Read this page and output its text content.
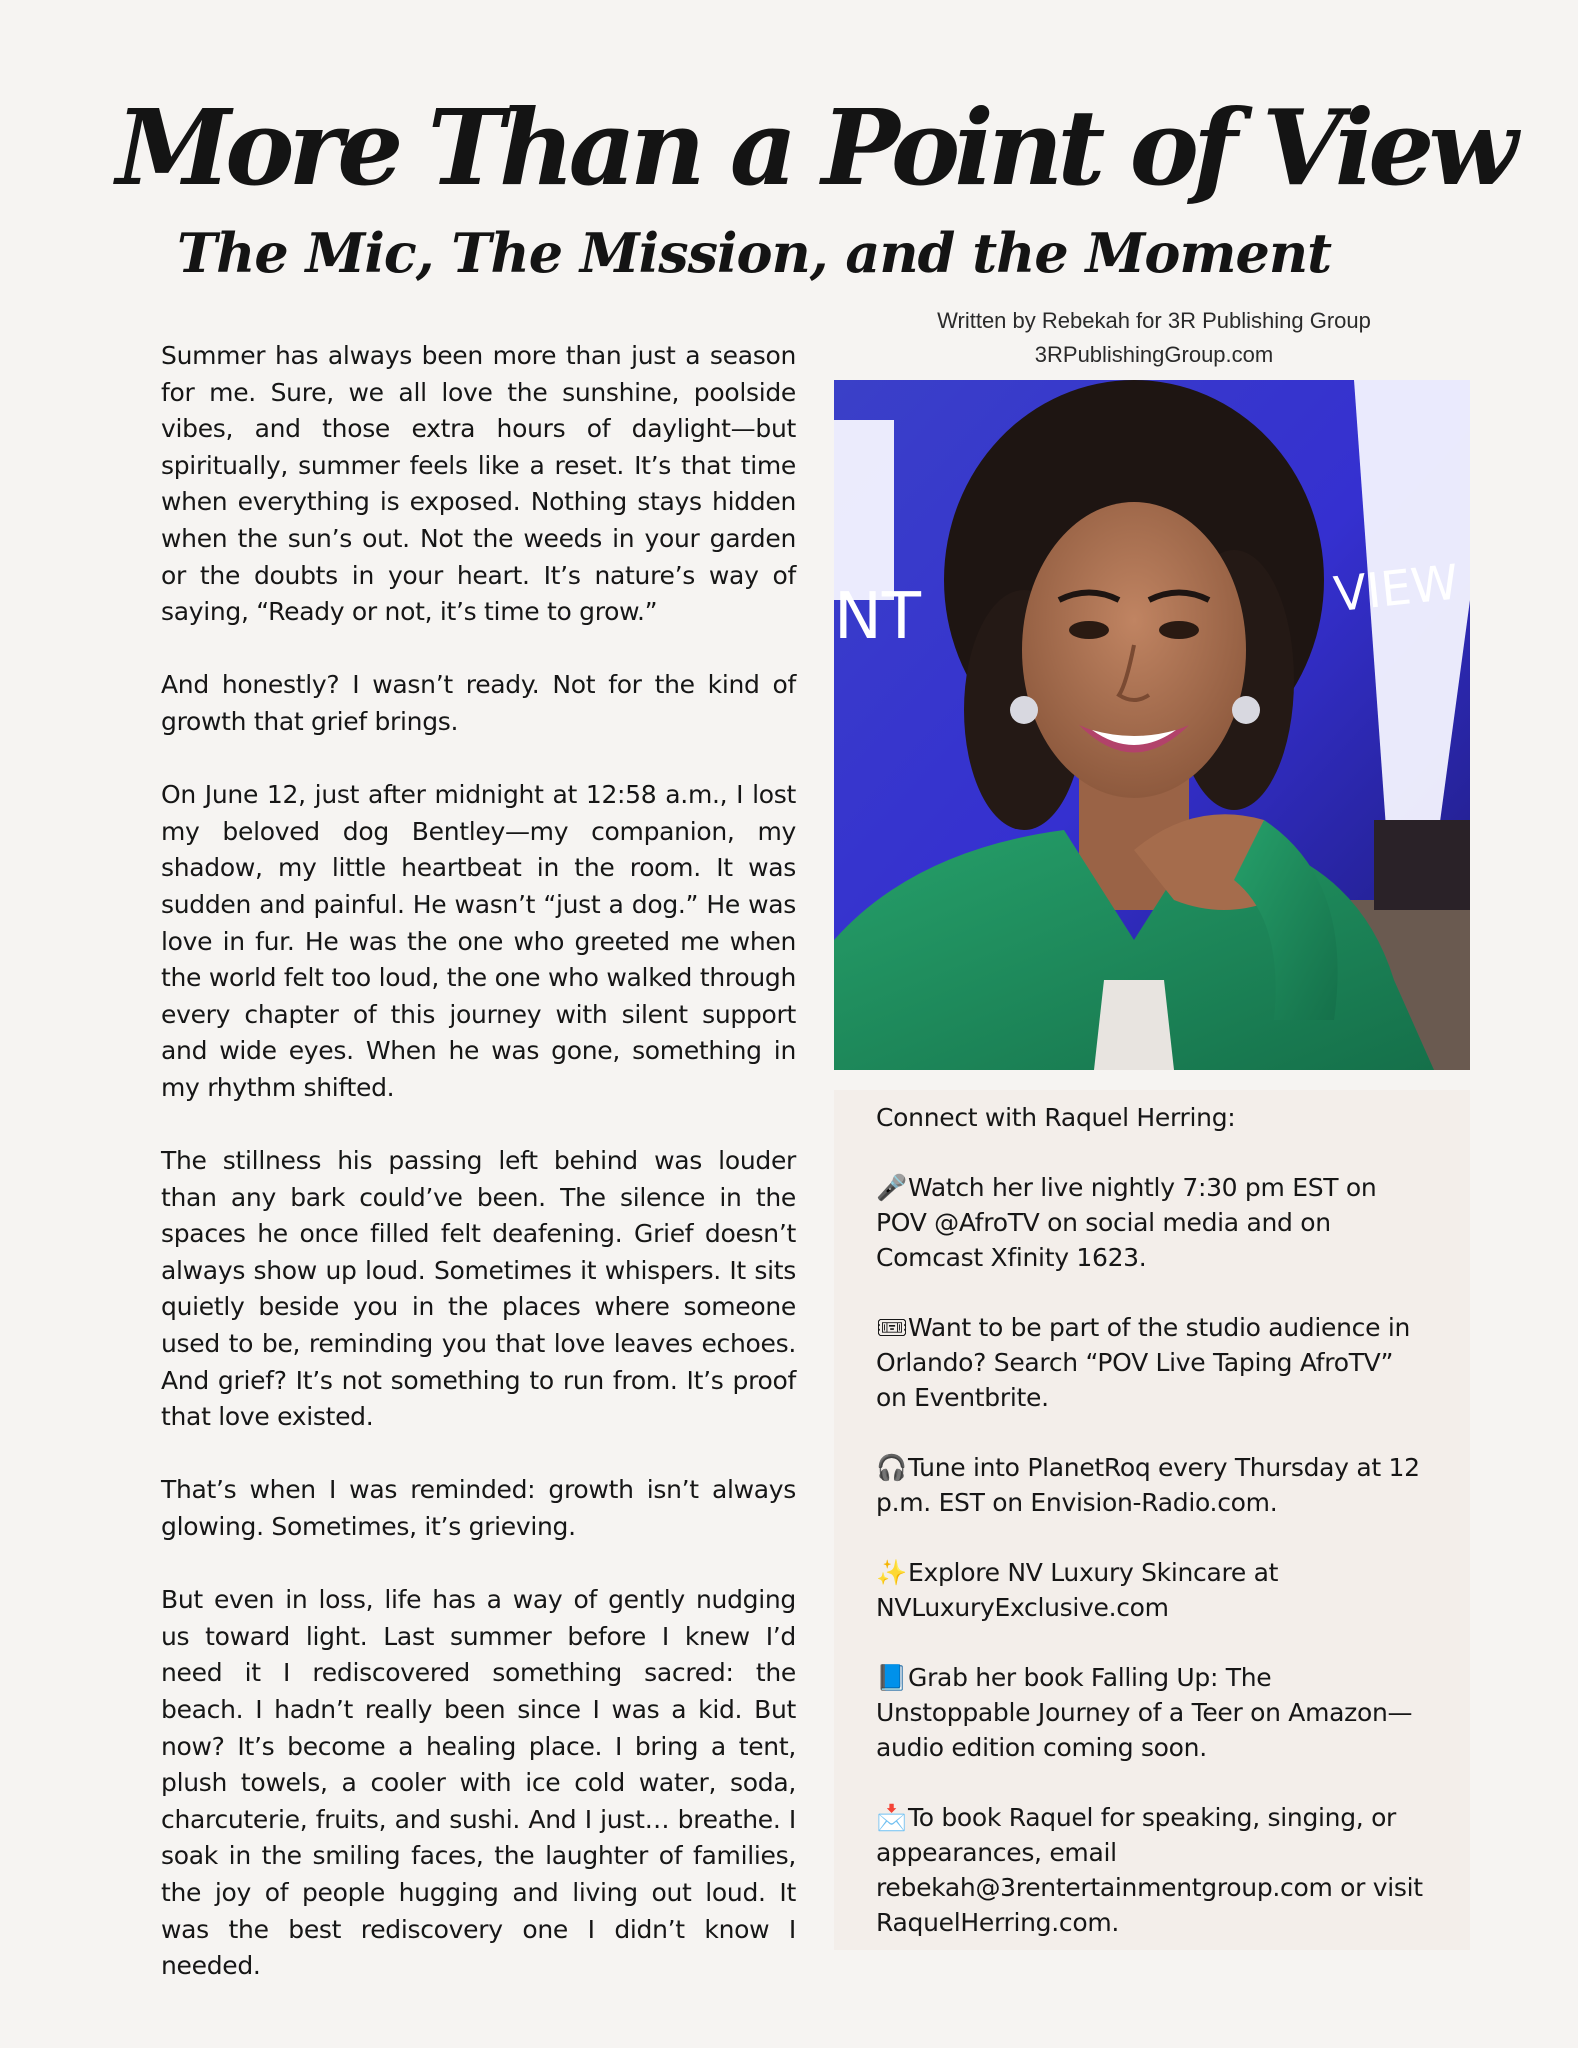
More Than a Point of View
The Mic, The Mission, and the Moment
Written by Rebekah for 3R Publishing Group
3RPublishingGroup.com

Summer has always been more than just a season for me. Sure, we all love the sunshine, poolside vibes, and those extra hours of daylight—but spiritually, summer feels like a reset. It’s that time when everything is exposed. Nothing stays hidden when the sun’s out. Not the weeds in your garden or the doubts in your heart. It’s nature’s way of saying, “Ready or not, it’s time to grow.”

And honestly? I wasn’t ready. Not for the kind of growth that grief brings.

On June 12, just after midnight at 12:58 a.m., I lost my beloved dog Bentley—my companion, my shadow, my little heartbeat in the room. It was sudden and painful. He wasn’t “just a dog.” He was love in fur. He was the one who greeted me when the world felt too loud, the one who walked through every chapter of this journey with silent support and wide eyes. When he was gone, something in my rhythm shifted.

The stillness his passing left behind was louder than any bark could’ve been. The silence in the spaces he once filled felt deafening. Grief doesn’t always show up loud. Sometimes it whispers. It sits quietly beside you in the places where someone used to be, reminding you that love leaves echoes. And grief? It’s not something to run from. It’s proof that love existed.

That’s when I was reminded: growth isn’t always glowing. Sometimes, it’s grieving.

But even in loss, life has a way of gently nudging us toward light. Last summer before I knew I’d need it I rediscovered something sacred: the beach. I hadn’t really been since I was a kid. But now? It’s become a healing place. I bring a tent, plush towels, a cooler with ice cold water, soda, charcuterie, fruits, and sushi. And I just… breathe. I soak in the smiling faces, the laughter of families, the joy of people hugging and living out loud. It was the best rediscovery one I didn’t know I needed.

NT	VIEW

Connect with Raquel Herring:

🎤Watch her live nightly 7:30 pm EST on POV @AfroTV on social media and on Comcast Xfinity 1623.

🎟Want to be part of the studio audience in Orlando? Search “POV Live Taping AfroTV” on Eventbrite.

🎧Tune into PlanetRoq every Thursday at 12 p.m. EST on Envision-Radio.com.

✨Explore NV Luxury Skincare at NVLuxuryExclusive.com

📘Grab her book Falling Up: The Unstoppable Journey of a Teer on Amazon—audio edition coming soon.

📩To book Raquel for speaking, singing, or appearances, email rebekah@3rentertainmentgroup.com or visit RaquelHerring.com.
